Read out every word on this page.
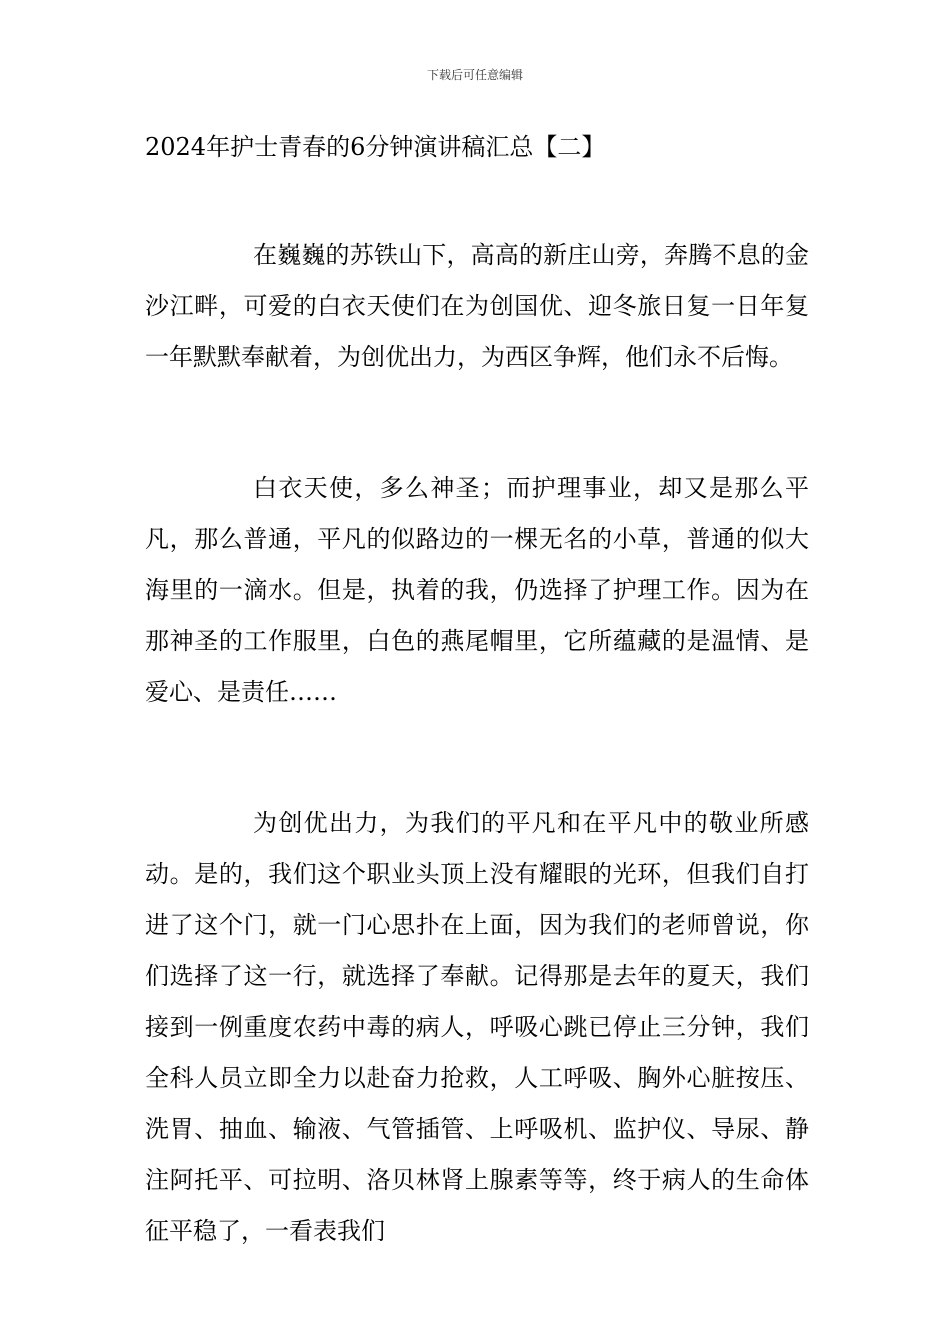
下载后可任意编辑
2024年护士青春的6分钟演讲稿汇总【二】

在巍巍的苏铁山下，高高的新庄山旁，奔腾不息的金沙江畔，可爱的白衣天使们在为创国优、迎冬旅日复一日年复一年默默奉献着，为创优出力，为西区争辉，他们永不后悔。

白衣天使，多么神圣；而护理事业，却又是那么平凡，那么普通，平凡的似路边的一棵无名的小草，普通的似大海里的一滴水。但是，执着的我，仍选择了护理工作。因为在那神圣的工作服里，白色的燕尾帽里，它所蕴藏的是温情、是爱心、是责任……

为创优出力，为我们的平凡和在平凡中的敬业所感动。是的，我们这个职业头顶上没有耀眼的光环，但我们自打进了这个门，就一门心思扑在上面，因为我们的老师曾说，你们选择了这一行，就选择了奉献。记得那是去年的夏天，我们接到一例重度农药中毒的病人，呼吸心跳已停止三分钟，我们全科人员立即全力以赴奋力抢救，人工呼吸、胸外心脏按压、洗胃、抽血、输液、气管插管、上呼吸机、监护仪、导尿、静注阿托平、可拉明、洛贝林肾上腺素等等，终于病人的生命体征平稳了，一看表我们
